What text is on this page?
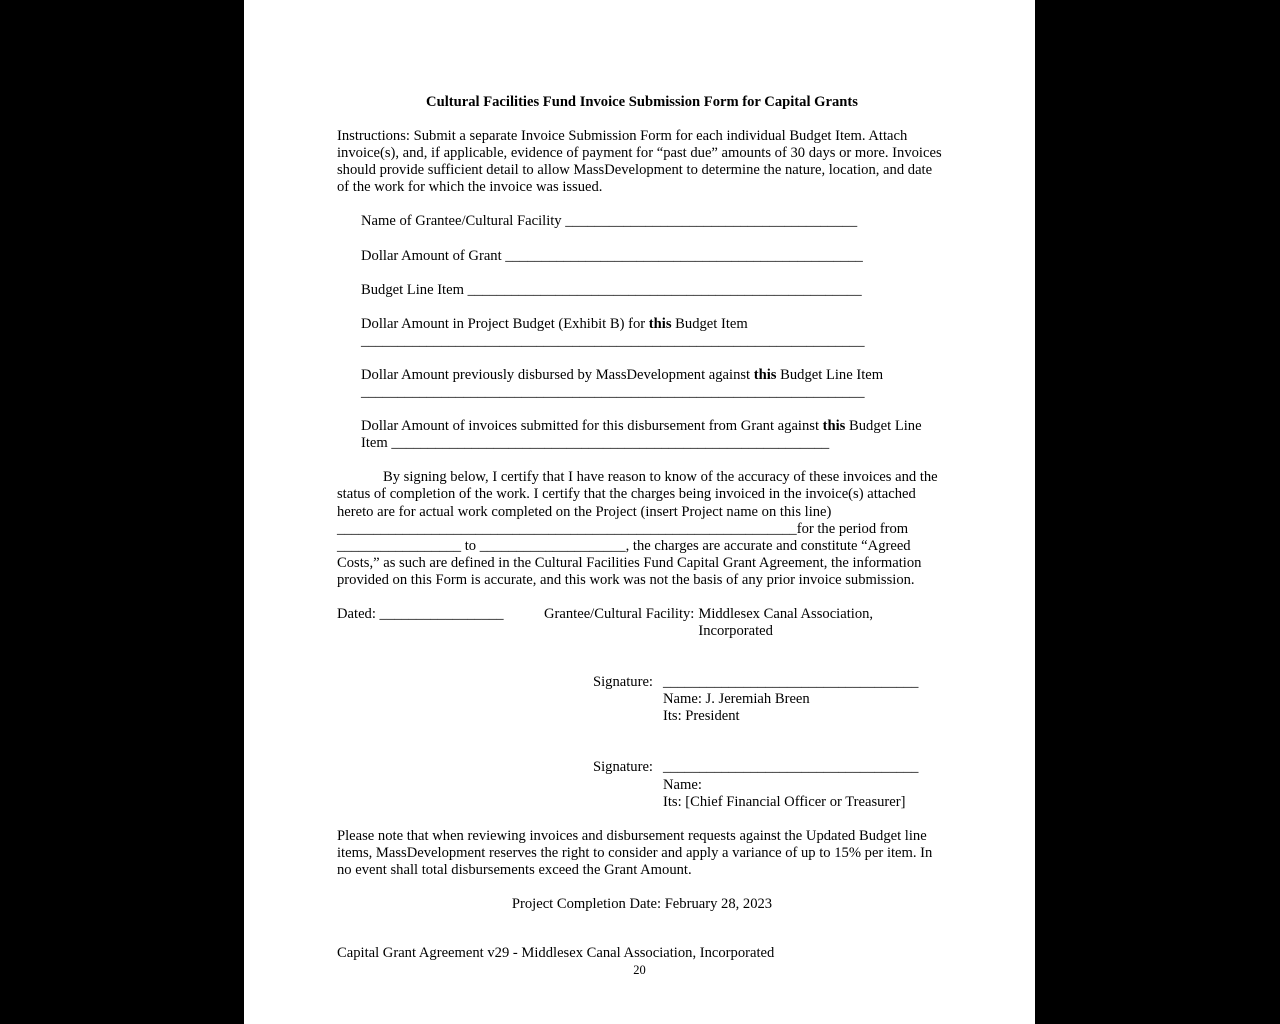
Cultural Facilities Fund Invoice Submission Form for Capital Grants

Instructions: Submit a separate Invoice Submission Form for each individual Budget Item. Attach invoice(s), and, if applicable, evidence of payment for “past due” amounts of 30 days or more. Invoices should provide sufficient detail to allow MassDevelopment to determine the nature, location, and date of the work for which the invoice was issued.

Name of Grantee/Cultural Facility ________________________________________

Dollar Amount of Grant _________________________________________________

Budget Line Item ______________________________________________________

Dollar Amount in Project Budget (Exhibit B) for this Budget Item
_____________________________________________________________________
Dollar Amount previously disbursed by MassDevelopment against this Budget Line Item
_____________________________________________________________________
Dollar Amount of invoices submitted for this disbursement from Grant against this Budget Line Item ____________________________________________________________

By signing below, I certify that I have reason to know of the accuracy of these invoices and the status of completion of the work. I certify that the charges being invoiced in the invoice(s) attached hereto are for actual work completed on the Project (insert Project name on this line) _______________________________________________________________for the period from _________________ to ____________________, the charges are accurate and constitute “Agreed Costs,” as such are defined in the Cultural Facilities Fund Capital Grant Agreement, the information provided on this Form is accurate, and this work was not the basis of any prior invoice submission.

Dated: _________________	Grantee/Cultural Facility: Middlesex Canal Association, Incorporated
Signature: ___________________________________
Name: J. Jeremiah Breen
Its: President
Signature: ___________________________________
Name:
Its: [Chief Financial Officer or Treasurer]

Please note that when reviewing invoices and disbursement requests against the Updated Budget line items, MassDevelopment reserves the right to consider and apply a variance of up to 15% per item. In no event shall total disbursements exceed the Grant Amount.

Project Completion Date: February 28, 2023

Capital Grant Agreement v29 - Middlesex Canal Association, Incorporated
20
